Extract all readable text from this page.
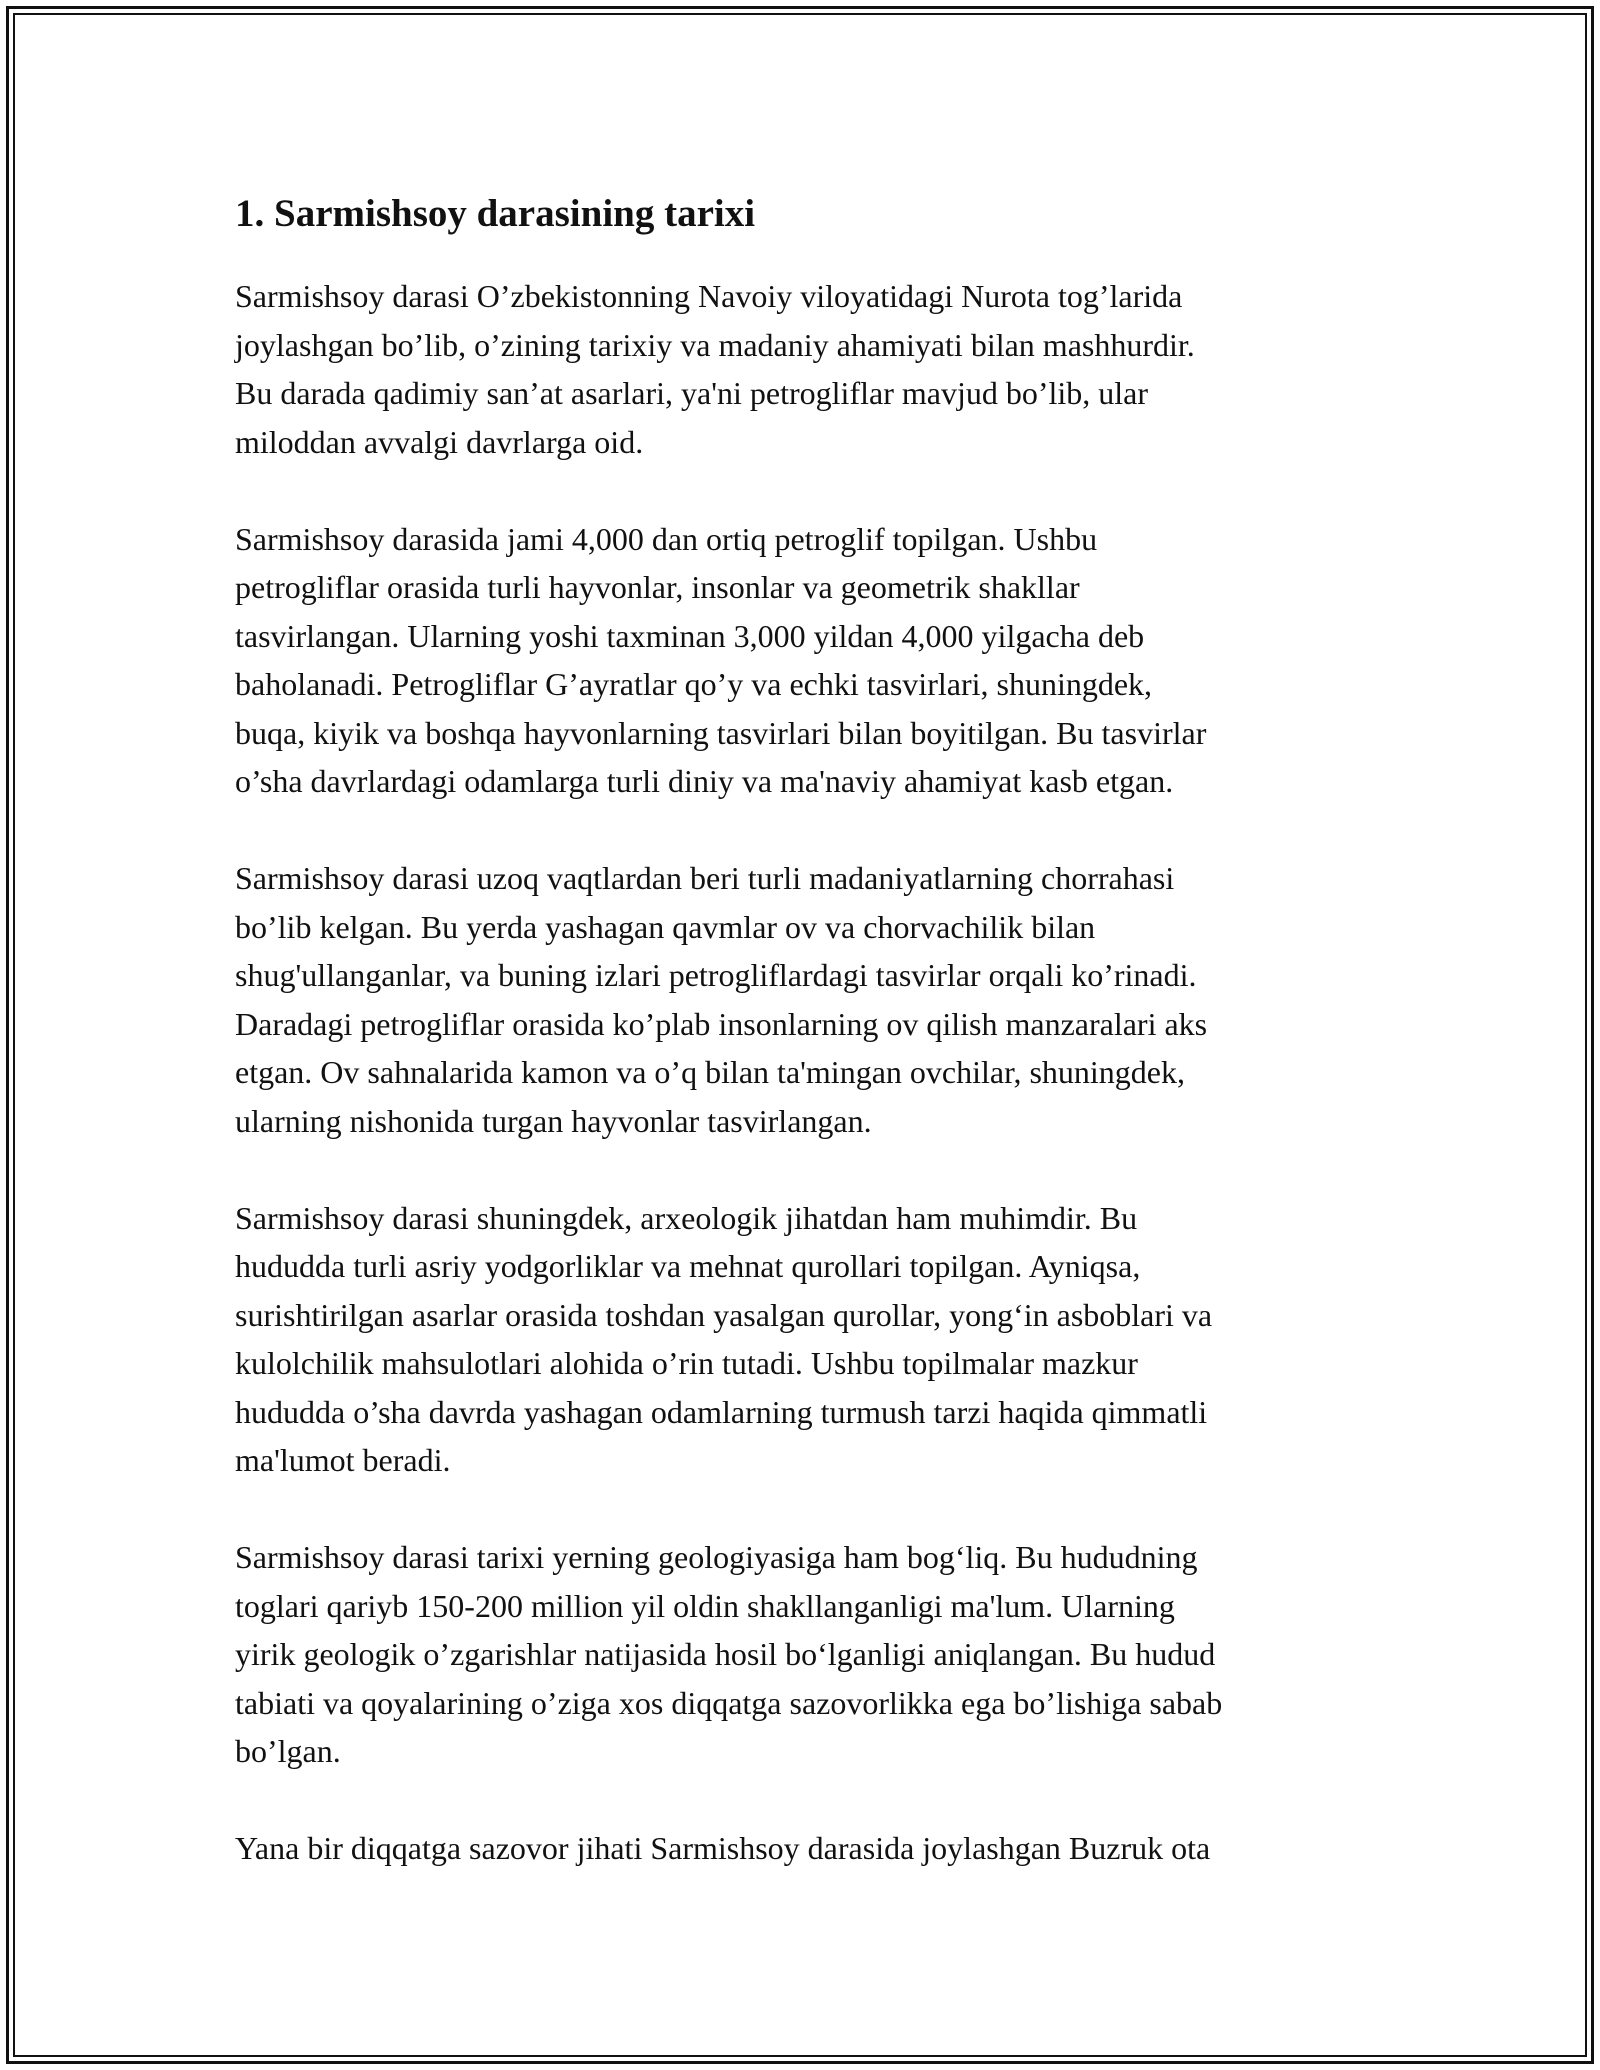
1. Sarmishsoy darasining tarixi

Sarmishsoy darasi O’zbekistonning Navoiy viloyatidagi Nurota tog’larida
joylashgan bo’lib, o’zining tarixiy va madaniy ahamiyati bilan mashhurdir.
Bu darada qadimiy san’at asarlari, ya'ni petrogliflar mavjud bo’lib, ular
miloddan avvalgi davrlarga oid.

Sarmishsoy darasida jami 4,000 dan ortiq petroglif topilgan. Ushbu
petrogliflar orasida turli hayvonlar, insonlar va geometrik shakllar
tasvirlangan. Ularning yoshi taxminan 3,000 yildan 4,000 yilgacha deb
baholanadi. Petrogliflar G’ayratlar qo’y va echki tasvirlari, shuningdek,
buqa, kiyik va boshqa hayvonlarning tasvirlari bilan boyitilgan. Bu tasvirlar
o’sha davrlardagi odamlarga turli diniy va ma'naviy ahamiyat kasb etgan.

Sarmishsoy darasi uzoq vaqtlardan beri turli madaniyatlarning chorrahasi
bo’lib kelgan. Bu yerda yashagan qavmlar ov va chorvachilik bilan
shug'ullanganlar, va buning izlari petrogliflardagi tasvirlar orqali ko’rinadi.
Daradagi petrogliflar orasida ko’plab insonlarning ov qilish manzaralari aks
etgan. Ov sahnalarida kamon va o’q bilan ta'mingan ovchilar, shuningdek,
ularning nishonida turgan hayvonlar tasvirlangan.

Sarmishsoy darasi shuningdek, arxeologik jihatdan ham muhimdir. Bu
hududda turli asriy yodgorliklar va mehnat qurollari topilgan. Ayniqsa,
surishtirilgan asarlar orasida toshdan yasalgan qurollar, yong‘in asboblari va
kulolchilik mahsulotlari alohida o’rin tutadi. Ushbu topilmalar mazkur
hududda o’sha davrda yashagan odamlarning turmush tarzi haqida qimmatli
ma'lumot beradi.

Sarmishsoy darasi tarixi yerning geologiyasiga ham bog‘liq. Bu hududning
toglari qariyb 150-200 million yil oldin shakllanganligi ma'lum. Ularning
yirik geologik o’zgarishlar natijasida hosil bo‘lganligi aniqlangan. Bu hudud
tabiati va qoyalarining o’ziga xos diqqatga sazovorlikka ega bo’lishiga sabab
bo’lgan.

Yana bir diqqatga sazovor jihati Sarmishsoy darasida joylashgan Buzruk ota
